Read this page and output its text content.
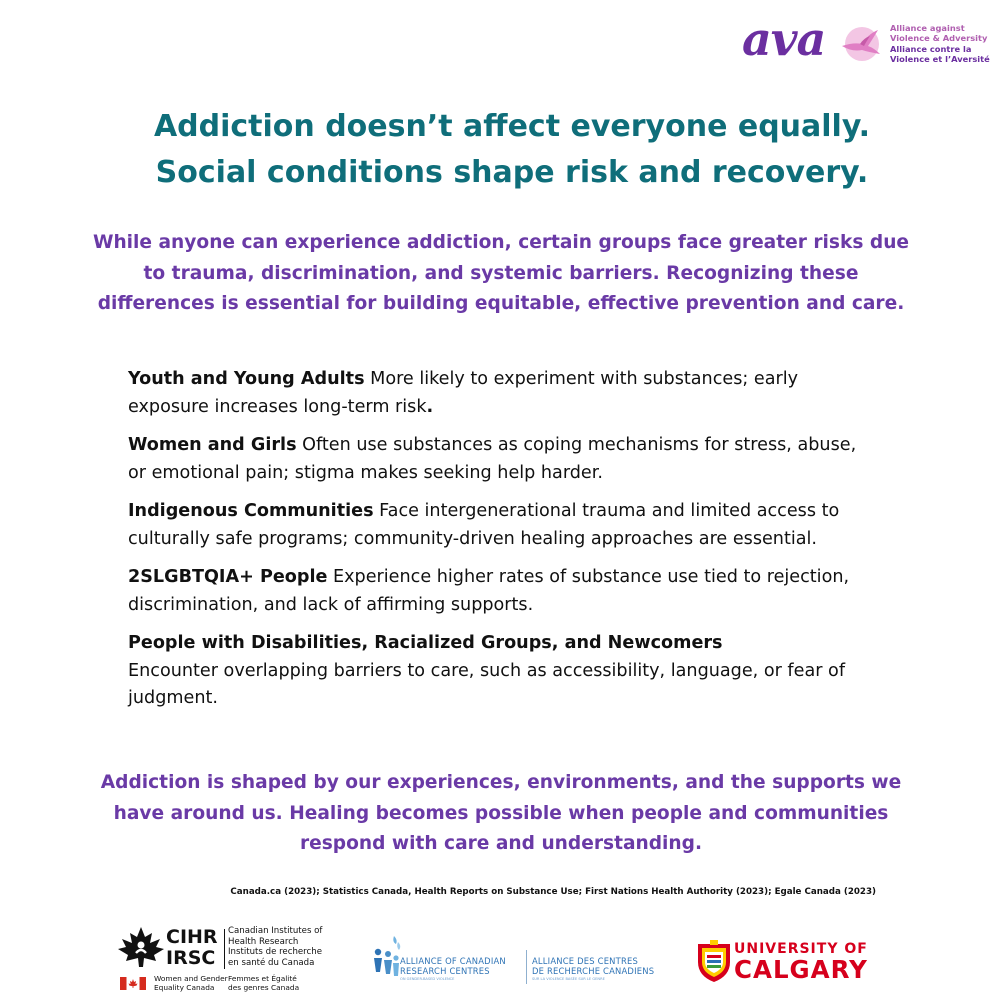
ava	Alliance against
Violence & Adversity
Alliance contre la
Violence et l’Aversité
Addiction doesn’t affect everyone equally.
Social conditions shape risk and recovery.

While anyone can experience addiction, certain groups face greater risks due to trauma, discrimination, and systemic barriers. Recognizing these differences is essential for building equitable, effective prevention and care.

Youth and Young Adults More likely to experiment with substances; early exposure increases long-term risk.

Women and Girls Often use substances as coping mechanisms for stress, abuse, or emotional pain; stigma makes seeking help harder.

Indigenous Communities Face intergenerational trauma and limited access to culturally safe programs; community-driven healing approaches are essential.

2SLGBTQIA+ People Experience higher rates of substance use tied to rejection, discrimination, and lack of affirming supports.

People with Disabilities, Racialized Groups, and Newcomers
Encounter overlapping barriers to care, such as accessibility, language, or fear of judgment.

Addiction is shaped by our experiences, environments, and the supports we have around us. Healing becomes possible when people and communities respond with care and understanding.

Canada.ca (2023); Statistics Canada, Health Reports on Substance Use; First Nations Health Authority (2023); Egale Canada (2023)
CIHR
IRSC
Canadian Institutes of
Health Research
Instituts de recherche
en santé du Canada
Women and Gender
Equality Canada
Femmes et Égalité
des genres Canada
ALLIANCE OF CANADIAN
RESEARCH CENTRES
ON GENDER-BASED VIOLENCE
ALLIANCE DES CENTRES
DE RECHERCHE CANADIENS
SUR LA VIOLENCE BASÉE SUR LE GENRE
UNIVERSITY OF
CALGARY
